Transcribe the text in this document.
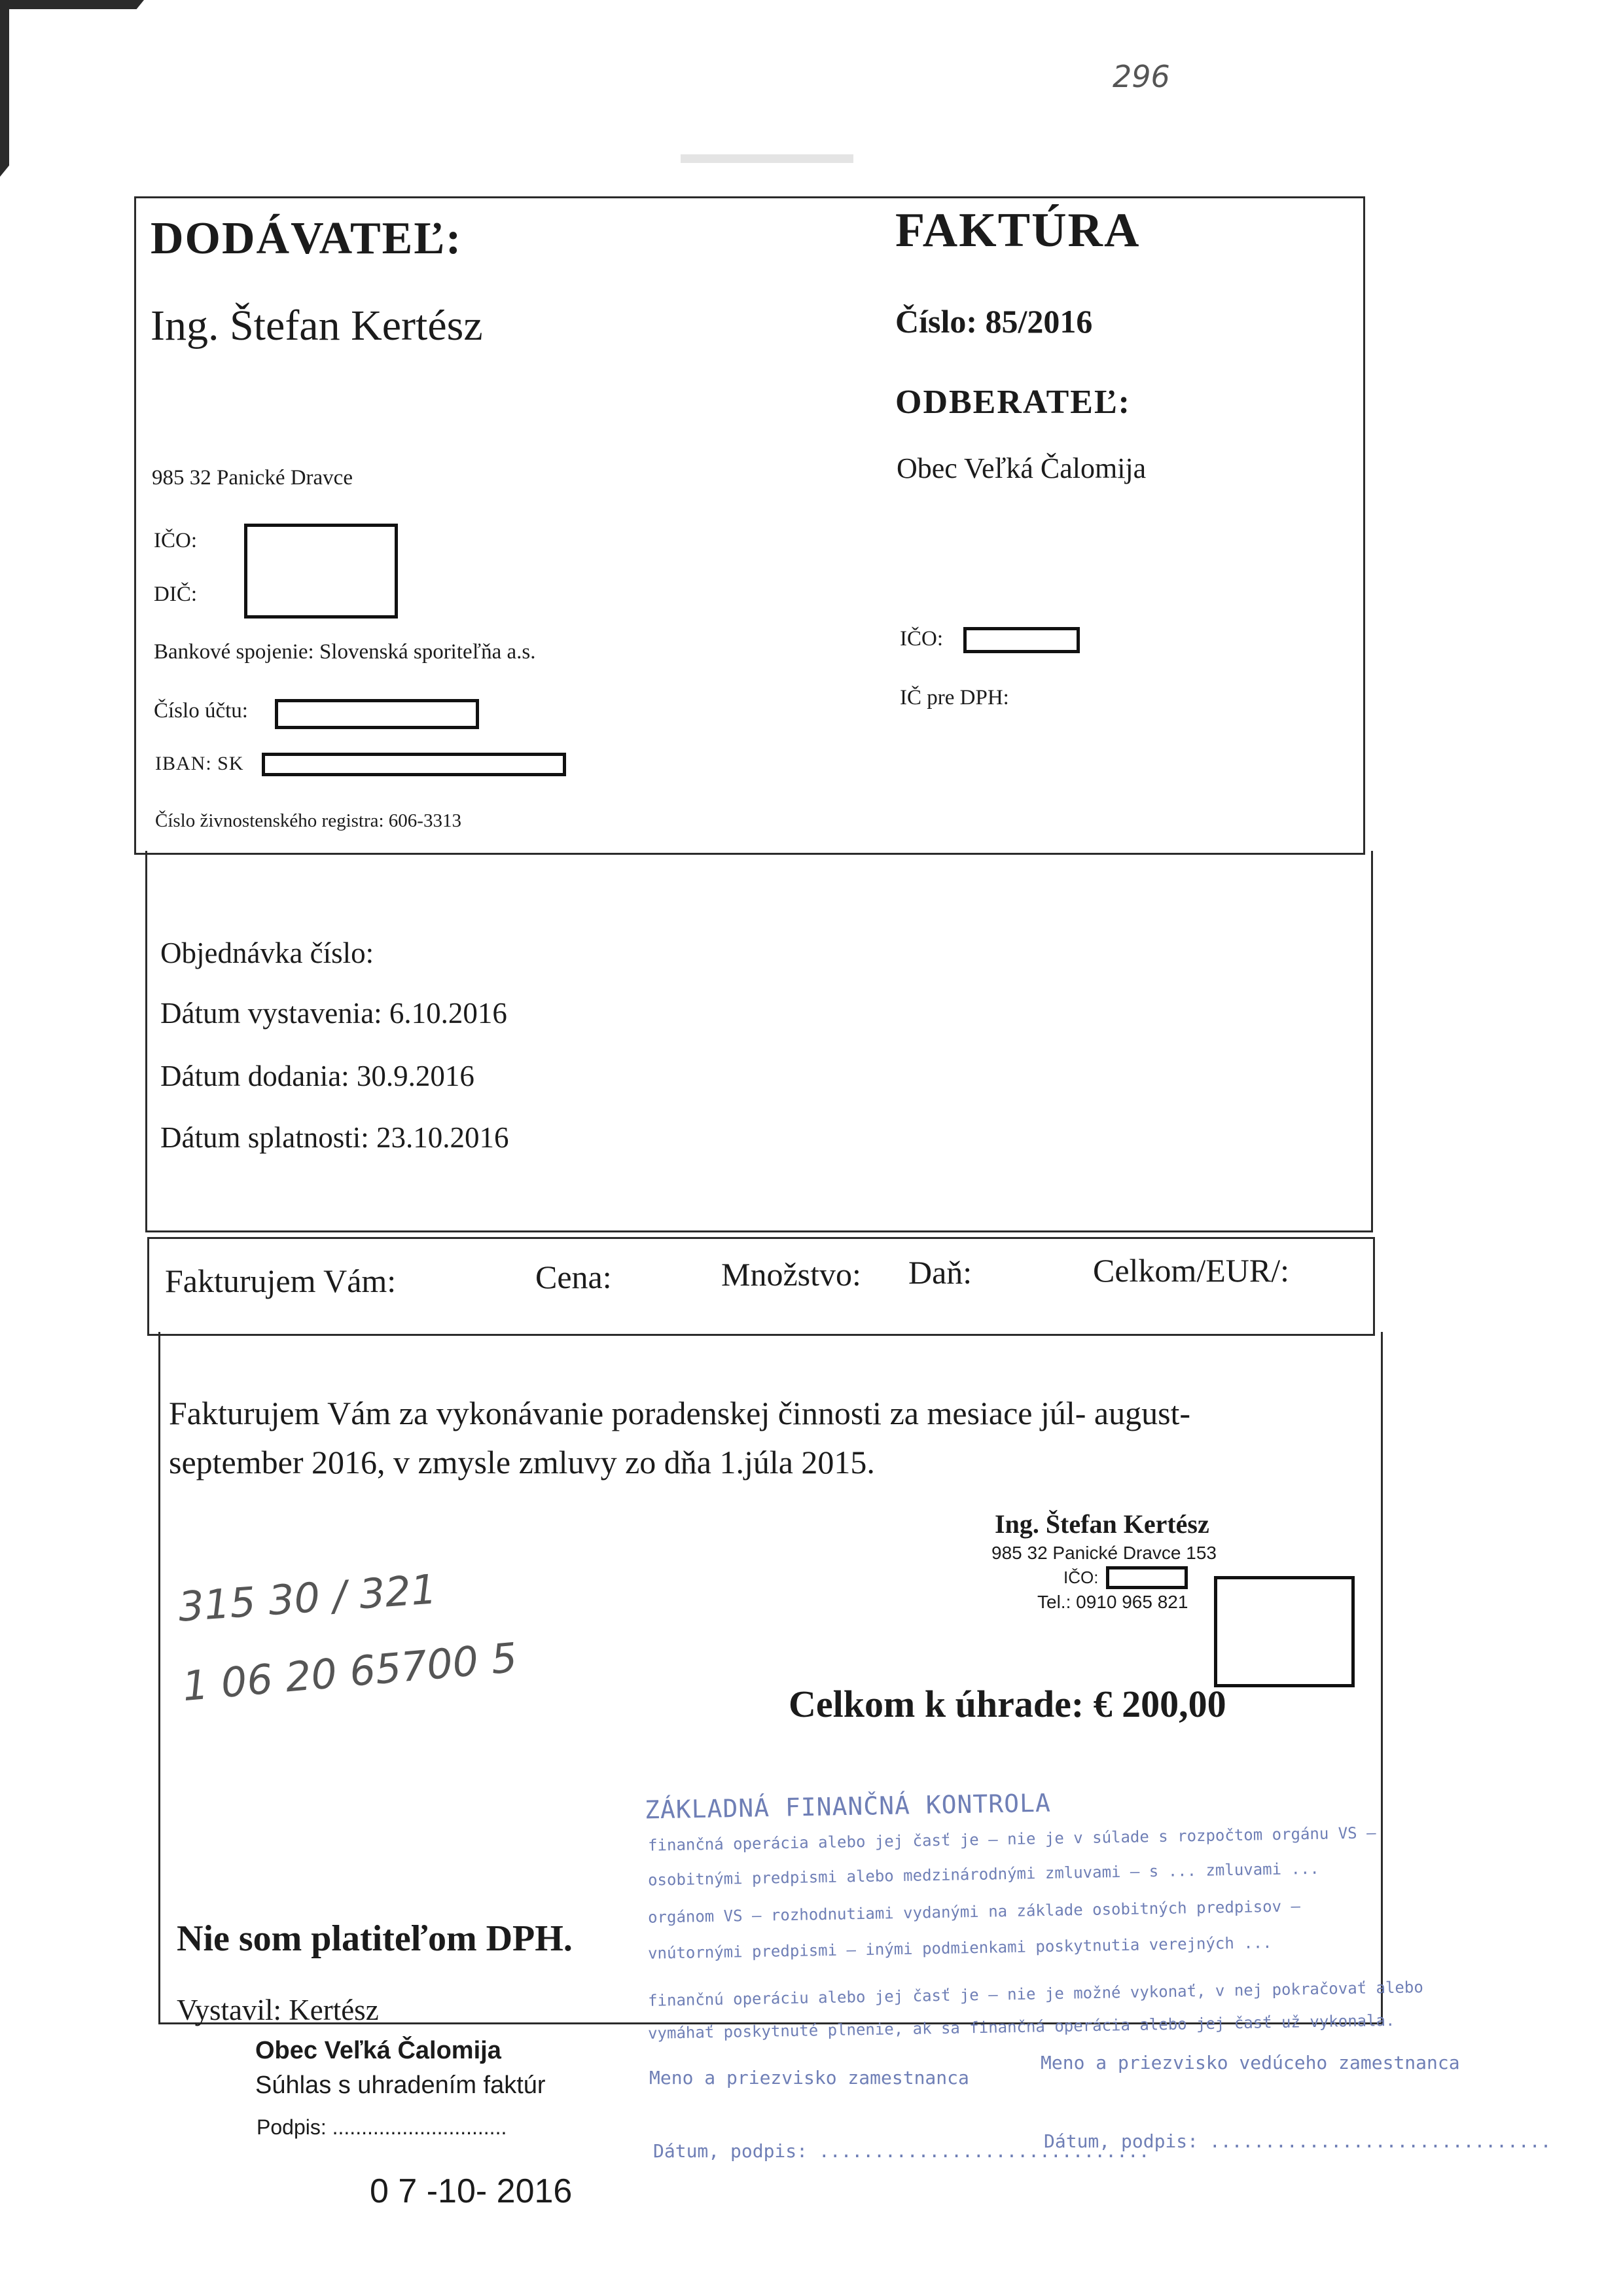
▬▬▬▬▬▬
296
DODÁVATEĽ:
Ing. Štefan Kertész
985 32 Panické Dravce
IČO:
DIČ:
Bankové spojenie: Slovenská sporiteľňa a.s.
Číslo účtu:
IBAN: SK
Číslo živnostenského registra: 606-3313
FAKTÚRA
Číslo: 85/2016
ODBERATEĽ:
Obec Veľká Čalomija
IČO:
IČ pre DPH:
Objednávka číslo:
Dátum vystavenia: 6.10.2016
Dátum dodania: 30.9.2016
Dátum splatnosti: 23.10.2016
Fakturujem Vám:	Cena:	Množstvo: Daň:	Celkom/EUR/:
Fakturujem Vám za vykonávanie poradenskej činnosti za mesiace júl- august-
september 2016, v zmysle zmluvy zo dňa 1.júla 2015.
Ing. Štefan Kertész
985 32 Panické Dravce 153
IČO:
Tel.: 0910 965 821
315 30 / 321
1 06 20 65700 5	Celkom k úhrade: € 200,00
Nie som platiteľom DPH.
Vystavil: Kertész
ZÁKLADNÁ FINANČNÁ KONTROLA
finančná operácia alebo jej časť je – nie je v súlade s rozpočtom orgánu VS –
osobitnými predpismi alebo medzinárodnými zmluvami – s ... zmluvami ...
orgánom VS – rozhodnutiami vydanými na základe osobitných predpisov –
vnútornými predpismi – inými podmienkami poskytnutia verejných ...
finančnú operáciu alebo jej časť je – nie je možné vykonať, v nej pokračovať alebo
vymáhať poskytnuté plnenie, ak sa finančná operácia alebo jej časť už vykonala.
Meno a priezvisko zamestnanca
Meno a priezvisko vedúceho zamestnanca
Dátum, podpis: ..............................
Dátum, podpis: ...............................
Obec Veľká Čalomija
Súhlas s uhradením faktúr
Podpis: ..............................
0 7 -10- 2016
